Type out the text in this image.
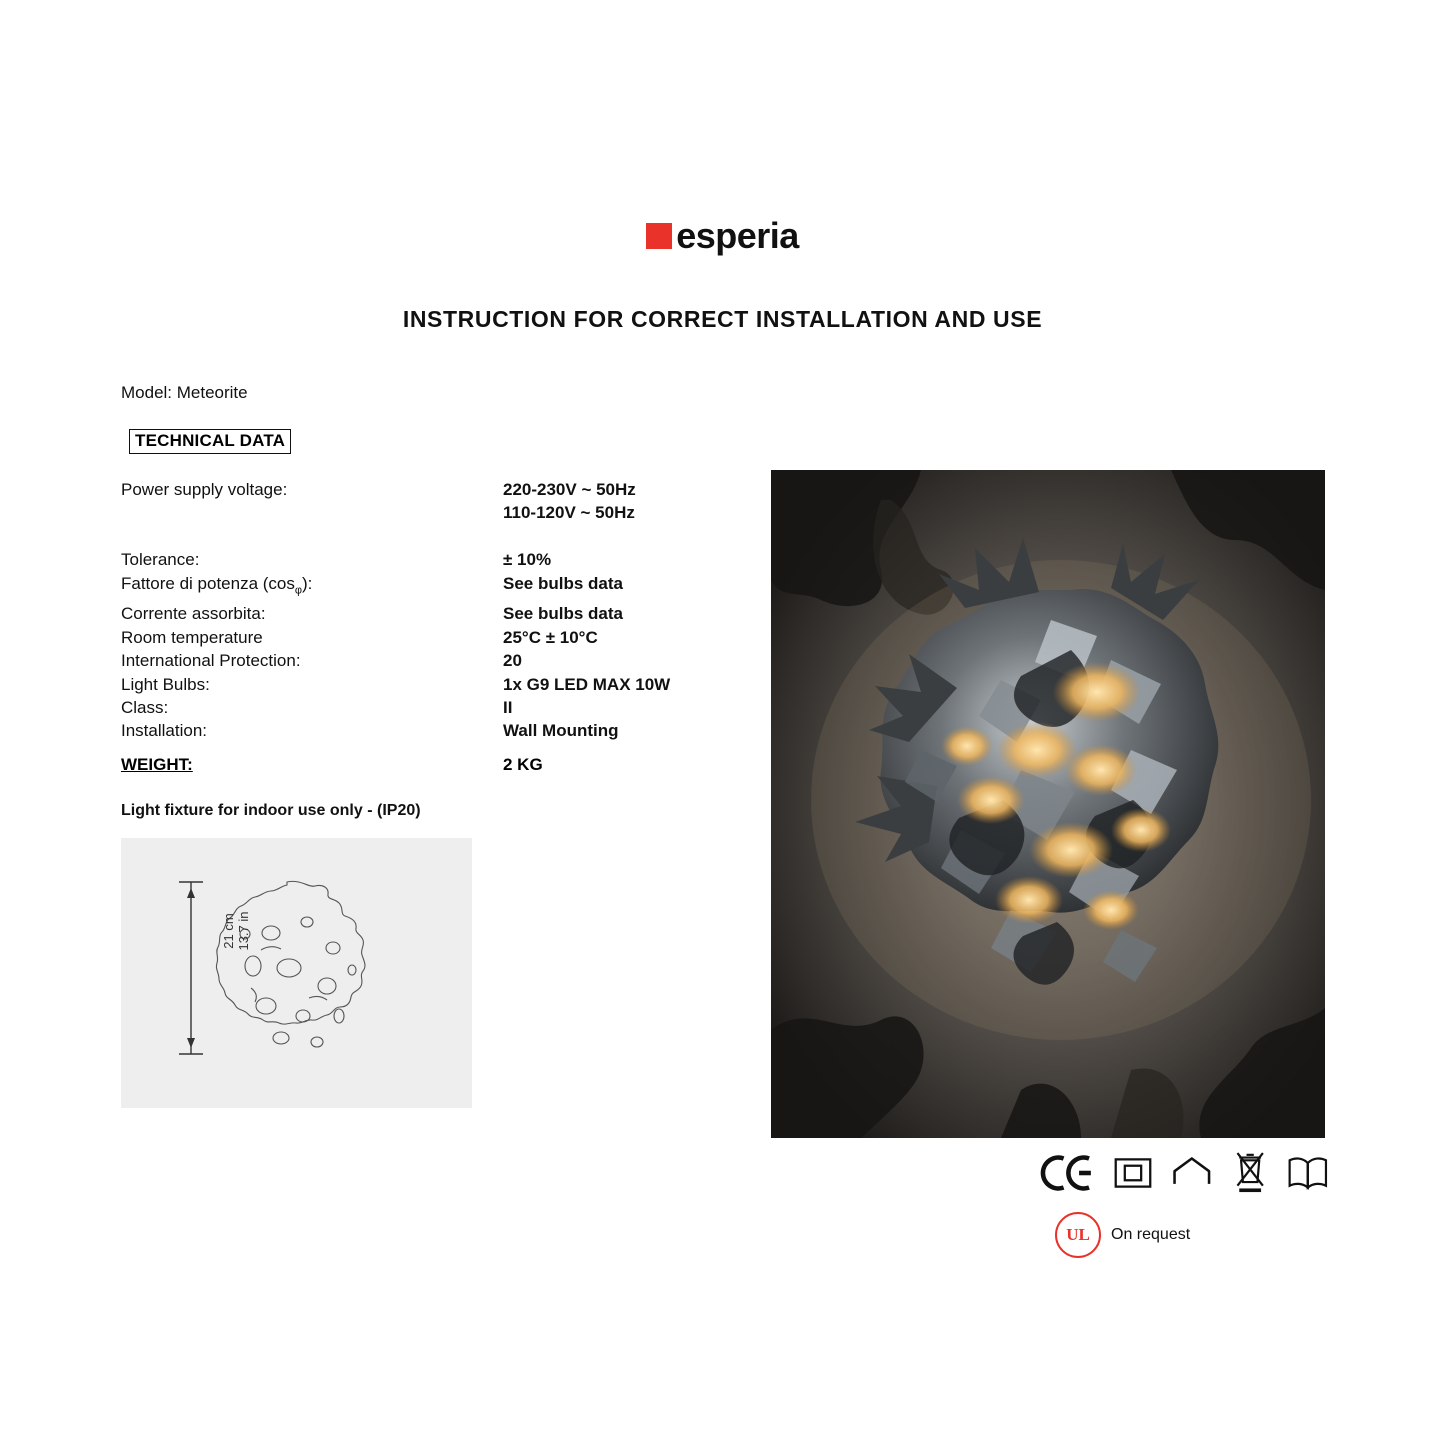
esperia
INSTRUCTION FOR CORRECT INSTALLATION AND USE
Model: Meteorite
TECHNICAL DATA
Power supply voltage:	220-230V ~ 50Hz
	110-120V ~ 50Hz

Tolerance:	± 10%
Fattore di potenza $(\cos_\varphi)$:	See bulbs data
Corrente assorbita:	See bulbs data
Room temperature	25°C ± 10°C
International Protection:	20
Light Bulbs:	1x G9 LED MAX 10W
Class:	II
Installation:	Wall Mounting
WEIGHT:	2 KG
Light fixture for indoor use only - (IP20)
21 cm
13.7 in
UL	On request
